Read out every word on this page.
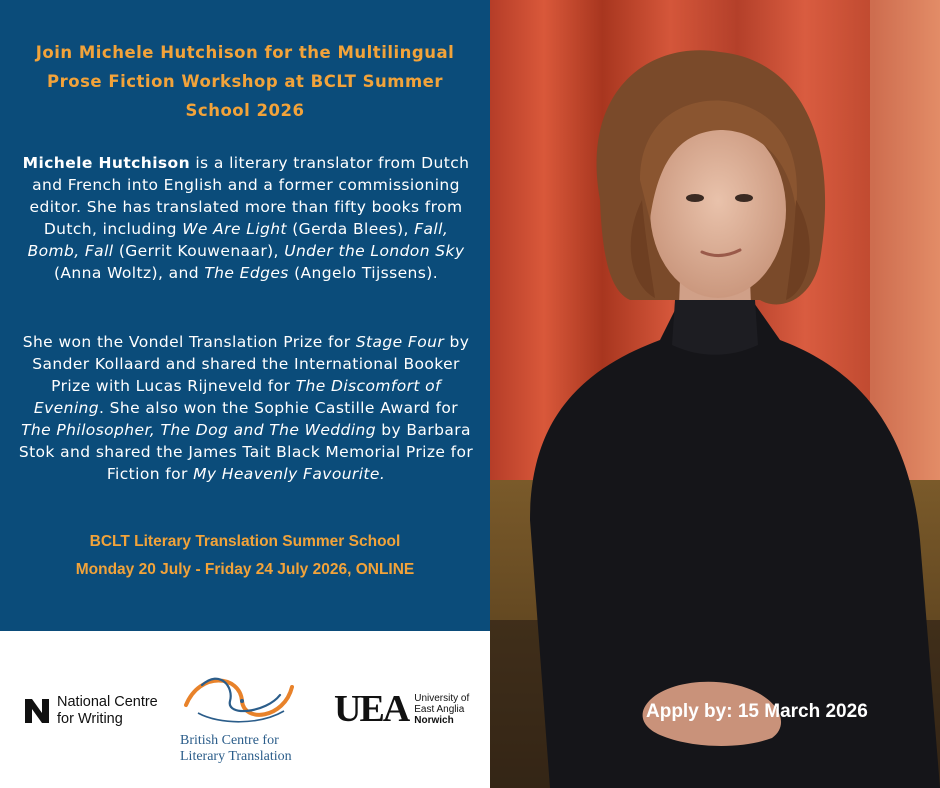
Join Michele Hutchison for the Multilingual Prose Fiction Workshop at BCLT Summer School 2026

Michele Hutchison is a literary translator from Dutch and French into English and a former commissioning editor. She has translated more than fifty books from Dutch, including We Are Light (Gerda Blees), Fall, Bomb, Fall (Gerrit Kouwenaar), Under the London Sky (Anna Woltz), and The Edges (Angelo Tijssens).

She won the Vondel Translation Prize for Stage Four by Sander Kollaard and shared the International Booker Prize with Lucas Rijneveld for The Discomfort of Evening. She also won the Sophie Castille Award for The Philosopher, The Dog and The Wedding by Barbara Stok and shared the James Tait Black Memorial Prize for Fiction for My Heavenly Favourite.

BCLT Literary Translation Summer School
Monday 20 July - Friday 24 July 2026, ONLINE
National Centre
for Writing
British Centre for
Literary Translation
UEA University of
East Anglia
Norwich	Apply by: 15 March 2026
